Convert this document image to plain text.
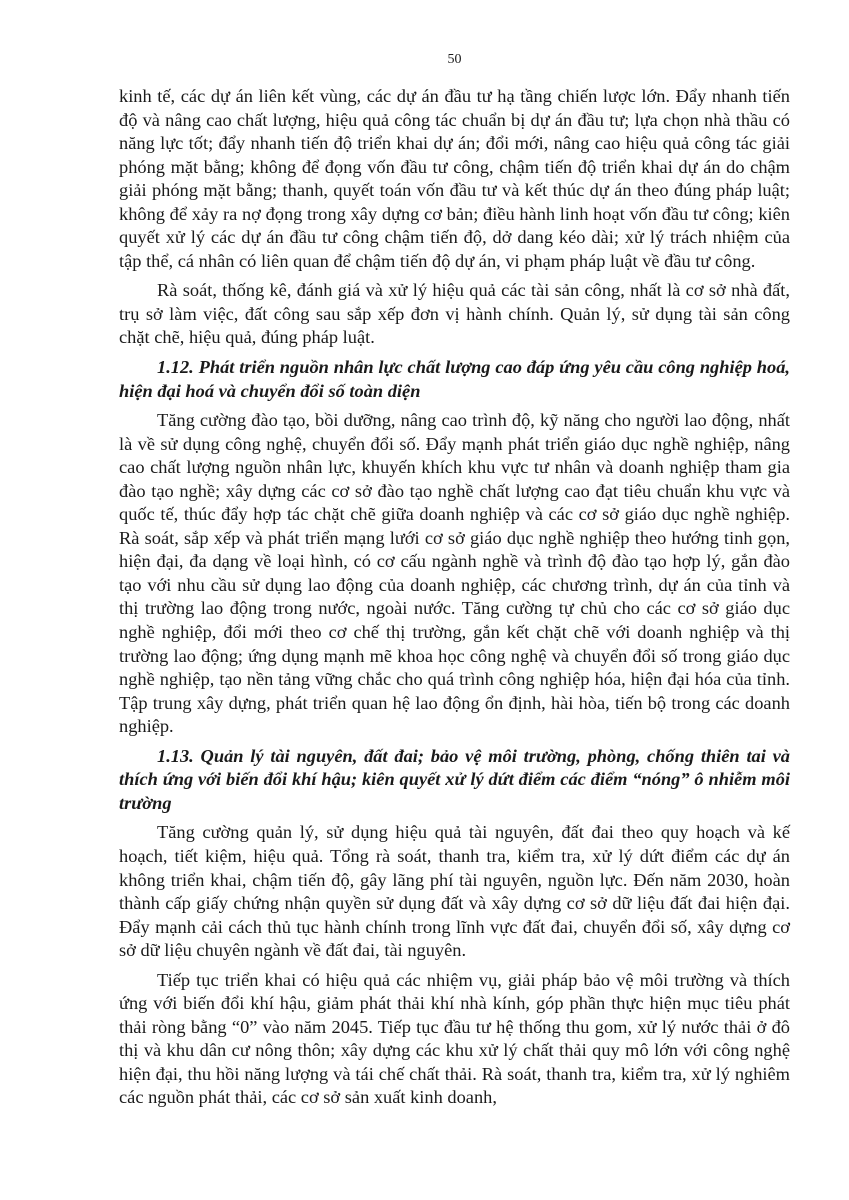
50

kinh tế, các dự án liên kết vùng, các dự án đầu tư hạ tầng chiến lược lớn. Đẩy nhanh tiến độ và nâng cao chất lượng, hiệu quả công tác chuẩn bị dự án đầu tư; lựa chọn nhà thầu có năng lực tốt; đẩy nhanh tiến độ triển khai dự án; đổi mới, nâng cao hiệu quả công tác giải phóng mặt bằng; không để đọng vốn đầu tư công, chậm tiến độ triển khai dự án do chậm giải phóng mặt bằng; thanh, quyết toán vốn đầu tư và kết thúc dự án theo đúng pháp luật; không để xảy ra nợ đọng trong xây dựng cơ bản; điều hành linh hoạt vốn đầu tư công; kiên quyết xử lý các dự án đầu tư công chậm tiến độ, dở dang kéo dài; xử lý trách nhiệm của tập thể, cá nhân có liên quan để chậm tiến độ dự án, vi phạm pháp luật về đầu tư công.

Rà soát, thống kê, đánh giá và xử lý hiệu quả các tài sản công, nhất là cơ sở nhà đất, trụ sở làm việc, đất công sau sắp xếp đơn vị hành chính. Quản lý, sử dụng tài sản công chặt chẽ, hiệu quả, đúng pháp luật.

1.12. Phát triển nguồn nhân lực chất lượng cao đáp ứng yêu cầu công nghiệp hoá, hiện đại hoá và chuyển đổi số toàn diện

Tăng cường đào tạo, bồi dưỡng, nâng cao trình độ, kỹ năng cho người lao động, nhất là về sử dụng công nghệ, chuyển đổi số. Đẩy mạnh phát triển giáo dục nghề nghiệp, nâng cao chất lượng nguồn nhân lực, khuyến khích khu vực tư nhân và doanh nghiệp tham gia đào tạo nghề; xây dựng các cơ sở đào tạo nghề chất lượng cao đạt tiêu chuẩn khu vực và quốc tế, thúc đẩy hợp tác chặt chẽ giữa doanh nghiệp và các cơ sở giáo dục nghề nghiệp. Rà soát, sắp xếp và phát triển mạng lưới cơ sở giáo dục nghề nghiệp theo hướng tinh gọn, hiện đại, đa dạng về loại hình, có cơ cấu ngành nghề và trình độ đào tạo hợp lý, gắn đào tạo với nhu cầu sử dụng lao động của doanh nghiệp, các chương trình, dự án của tỉnh và thị trường lao động trong nước, ngoài nước. Tăng cường tự chủ cho các cơ sở giáo dục nghề nghiệp, đổi mới theo cơ chế thị trường, gắn kết chặt chẽ với doanh nghiệp và thị trường lao động; ứng dụng mạnh mẽ khoa học công nghệ và chuyển đổi số trong giáo dục nghề nghiệp, tạo nền tảng vững chắc cho quá trình công nghiệp hóa, hiện đại hóa của tỉnh. Tập trung xây dựng, phát triển quan hệ lao động ổn định, hài hòa, tiến bộ trong các doanh nghiệp.

1.13. Quản lý tài nguyên, đất đai; bảo vệ môi trường, phòng, chống thiên tai và thích ứng với biến đổi khí hậu; kiên quyết xử lý dứt điểm các điểm “nóng” ô nhiễm môi trường

Tăng cường quản lý, sử dụng hiệu quả tài nguyên, đất đai theo quy hoạch và kế hoạch, tiết kiệm, hiệu quả. Tổng rà soát, thanh tra, kiểm tra, xử lý dứt điểm các dự án không triển khai, chậm tiến độ, gây lãng phí tài nguyên, nguồn lực. Đến năm 2030, hoàn thành cấp giấy chứng nhận quyền sử dụng đất và xây dựng cơ sở dữ liệu đất đai hiện đại. Đẩy mạnh cải cách thủ tục hành chính trong lĩnh vực đất đai, chuyển đổi số, xây dựng cơ sở dữ liệu chuyên ngành về đất đai, tài nguyên.

Tiếp tục triển khai có hiệu quả các nhiệm vụ, giải pháp bảo vệ môi trường và thích ứng với biến đổi khí hậu, giảm phát thải khí nhà kính, góp phần thực hiện mục tiêu phát thải ròng bằng “0” vào năm 2045. Tiếp tục đầu tư hệ thống thu gom, xử lý nước thải ở đô thị và khu dân cư nông thôn; xây dựng các khu xử lý chất thải quy mô lớn với công nghệ hiện đại, thu hồi năng lượng và tái chế chất thải. Rà soát, thanh tra, kiểm tra, xử lý nghiêm các nguồn phát thải, các cơ sở sản xuất kinh doanh,
